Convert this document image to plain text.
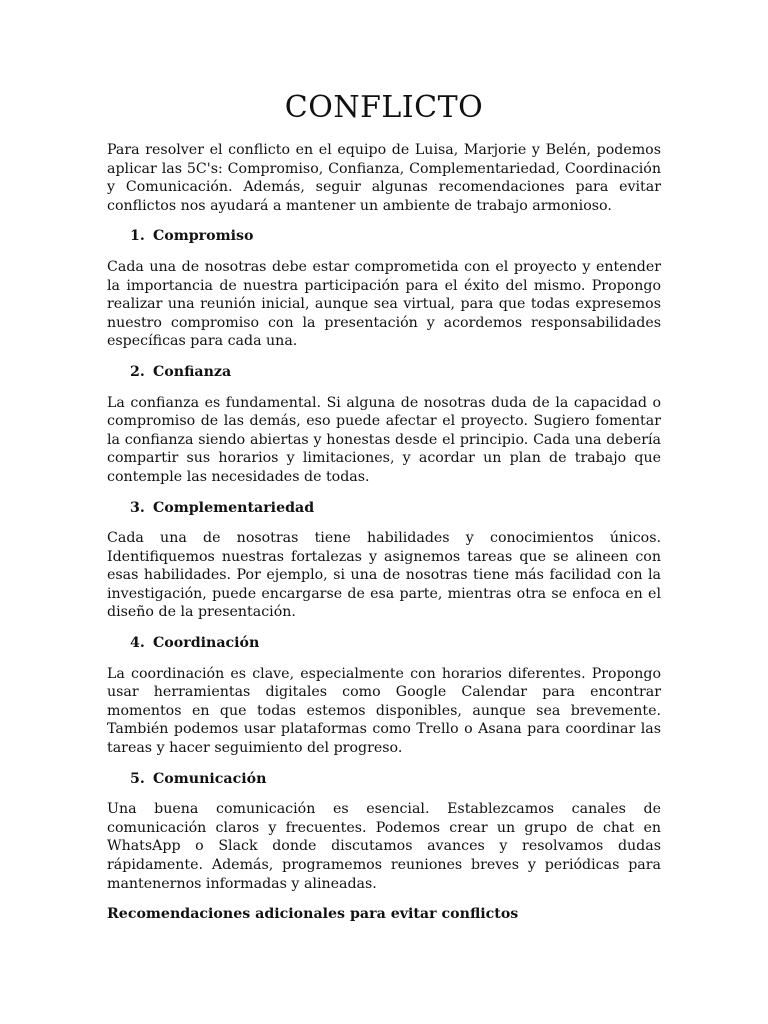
CONFLICTO

Para resolver el conflicto en el equipo de Luisa, Marjorie y Belén, podemos aplicar las 5C's: Compromiso, Confianza, Complementariedad, Coordinación y Comunicación. Además, seguir algunas recomendaciones para evitar conflictos nos ayudará a mantener un ambiente de trabajo armonioso.

1. Compromiso

Cada una de nosotras debe estar comprometida con el proyecto y entender la importancia de nuestra participación para el éxito del mismo. Propongo realizar una reunión inicial, aunque sea virtual, para que todas expresemos nuestro compromiso con la presentación y acordemos responsabilidades específicas para cada una.

2. Confianza

La confianza es fundamental. Si alguna de nosotras duda de la capacidad o compromiso de las demás, eso puede afectar el proyecto. Sugiero fomentar la confianza siendo abiertas y honestas desde el principio. Cada una debería compartir sus horarios y limitaciones, y acordar un plan de trabajo que contemple las necesidades de todas.

3. Complementariedad

Cada una de nosotras tiene habilidades y conocimientos únicos. Identifiquemos nuestras fortalezas y asignemos tareas que se alineen con esas habilidades. Por ejemplo, si una de nosotras tiene más facilidad con la investigación, puede encargarse de esa parte, mientras otra se enfoca en el diseño de la presentación.

4. Coordinación

La coordinación es clave, especialmente con horarios diferentes. Propongo usar herramientas digitales como Google Calendar para encontrar momentos en que todas estemos disponibles, aunque sea brevemente. También podemos usar plataformas como Trello o Asana para coordinar las tareas y hacer seguimiento del progreso.

5. Comunicación

Una buena comunicación es esencial. Establezcamos canales de comunicación claros y frecuentes. Podemos crear un grupo de chat en WhatsApp o Slack donde discutamos avances y resolvamos dudas rápidamente. Además, programemos reuniones breves y periódicas para mantenernos informadas y alineadas.

Recomendaciones adicionales para evitar conflictos
